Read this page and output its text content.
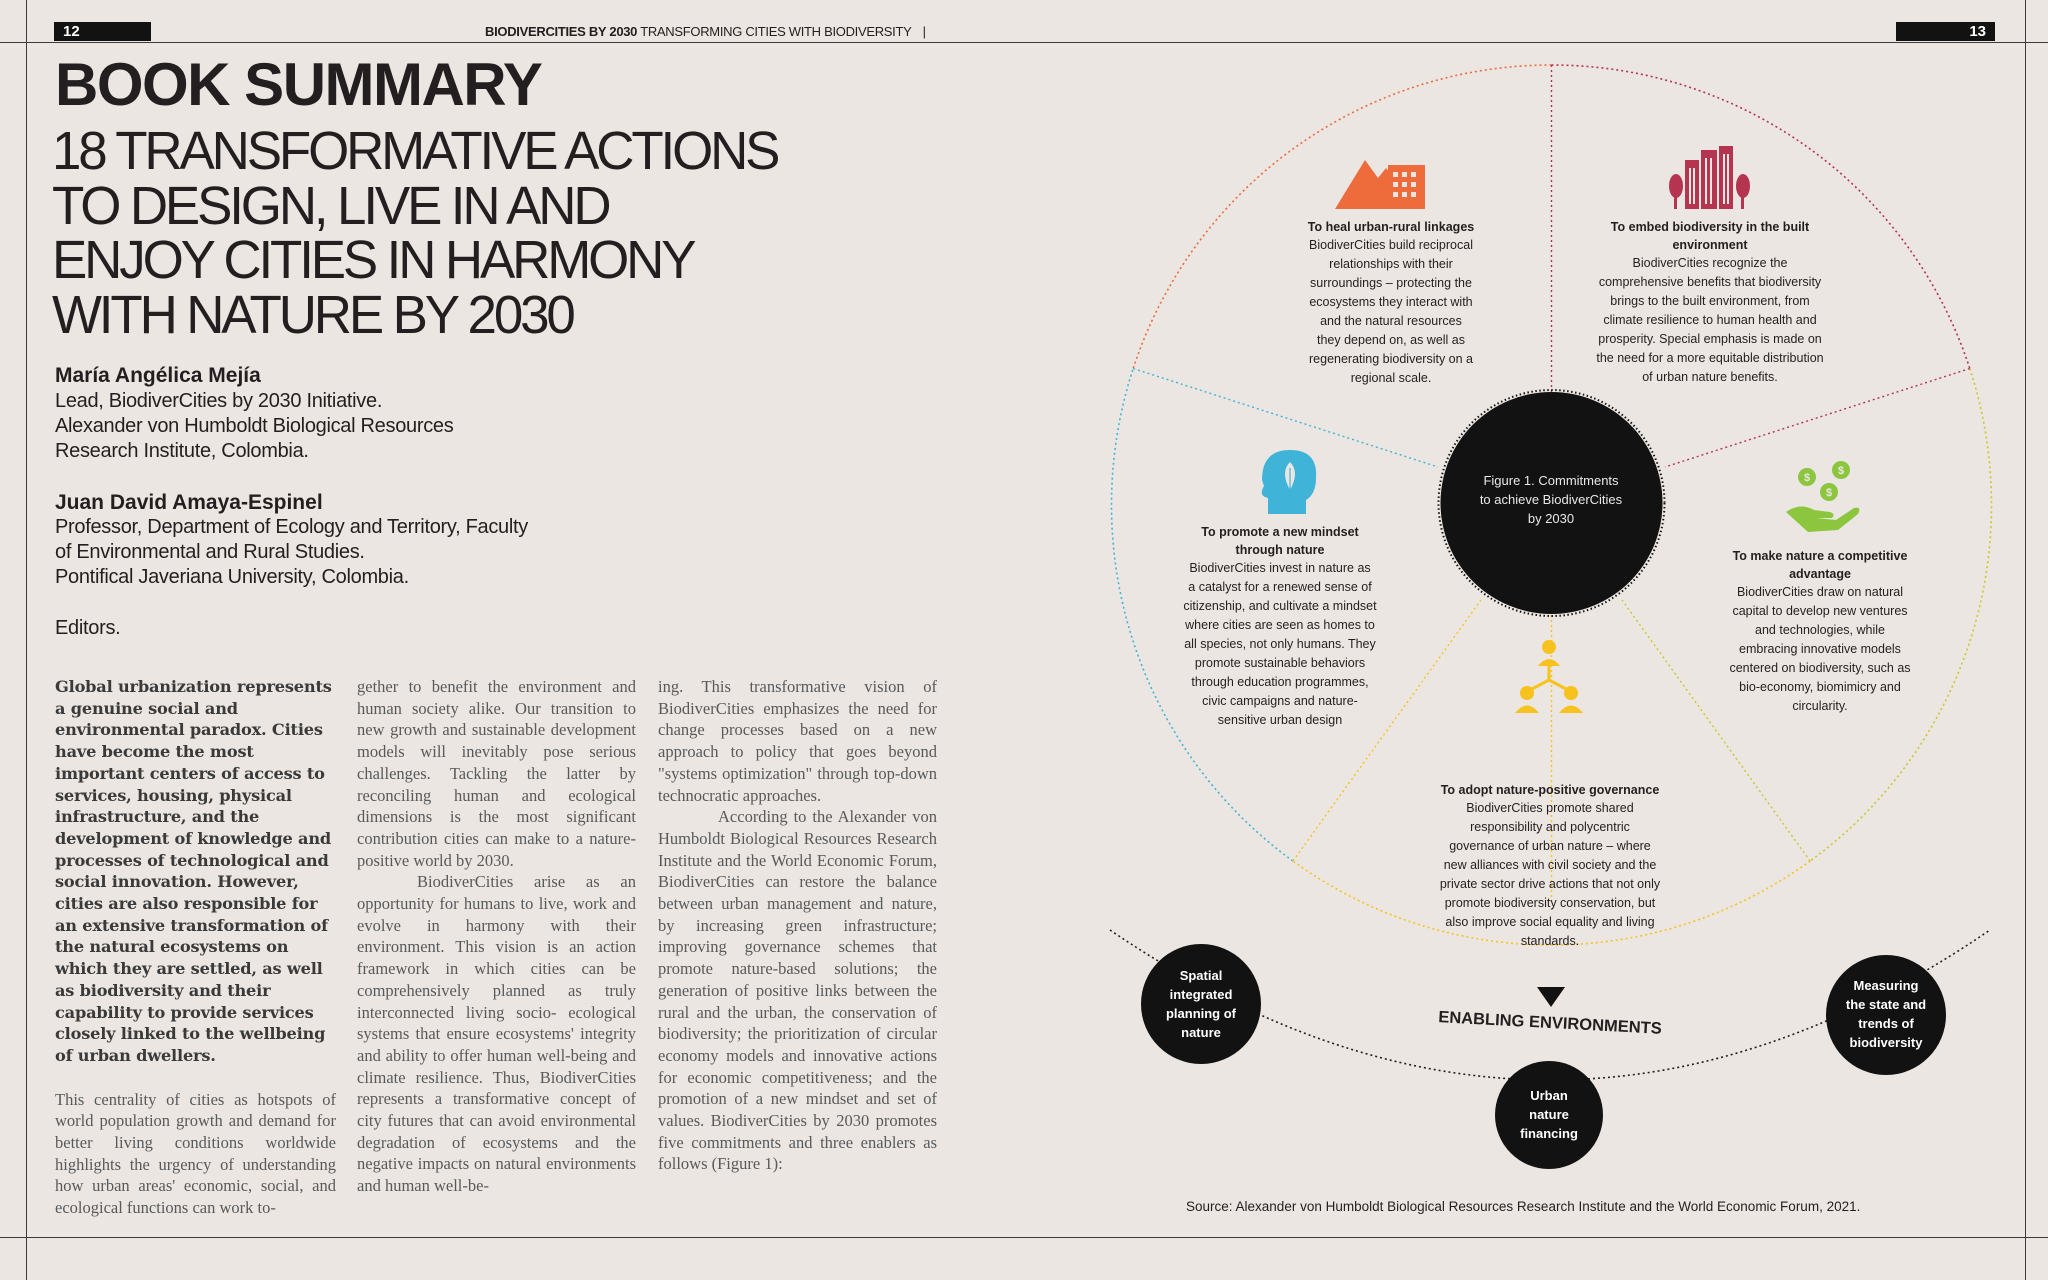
12	13
BIODIVERCITIES BY 2030 TRANSFORMING CITIES WITH BIODIVERSITY |
BOOK SUMMARY
18 TRANSFORMATIVE ACTIONS
TO DESIGN, LIVE IN AND
ENJOY CITIES IN HARMONY
WITH NATURE BY 2030
María Angélica Mejía
Lead, BiodiverCities by 2030 Initiative.
Alexander von Humboldt Biological Resources
Research Institute, Colombia.
Juan David Amaya-Espinel
Professor, Department of Ecology and Territory, Faculty
of Environmental and Rural Studies.
Pontifical Javeriana University, Colombia.
Editors.

Global urbanization represents a genuine social and environmental paradox. Cities have become the most important centers of access to services, housing, physical infrastructure, and the development of knowledge and processes of technological and social innovation. However, cities are also responsible for an extensive transformation of the natural ecosystems on which they are settled, as well as biodiversity and their capability to provide services closely linked to the wellbeing of urban dwellers.

This centrality of cities as hotspots of world population growth and demand for better living conditions worldwide highlights the urgency of understanding how urban areas' economic, social, and ecological functions can work to-

gether to benefit the environment and human society alike. Our transition to new growth and sustainable development models will inevitably pose serious challenges. Tackling the latter by reconciling human and ecological dimensions is the most significant contribution cities can make to a nature-positive world by 2030.

BiodiverCities arise as an opportunity for humans to live, work and evolve in harmony with their environment. This vision is an action framework in which cities can be comprehensively planned as truly interconnected living socio- ecological systems that ensure ecosystems' integrity and ability to offer human well-being and climate resilience. Thus, BiodiverCities represents a transformative concept of city futures that can avoid environmental degradation of ecosystems and the negative impacts on natural environments and human well-be-

ing. This transformative vision of BiodiverCities emphasizes the need for change processes based on a new approach to policy that goes beyond "systems optimization" through top-down technocratic approaches.

According to the Alexander von Humboldt Biological Resources Research Institute and the World Economic Forum, BiodiverCities can restore the balance between urban management and nature, by increasing green infrastructure; improving governance schemes that promote nature-based solutions; the generation of positive links between the rural and the urban, the conservation of biodiversity; the prioritization of circular economy models and innovative actions for economic competitiveness; and the promotion of a new mindset and set of values. BiodiverCities by 2030 promotes five commitments and three enablers as follows (Figure 1):

$
$
$
Figure 1. Commitments
to achieve BiodiverCities
by 2030
To heal urban-rural linkages
BiodiverCities build reciprocal
relationships with their
surroundings – protecting the
ecosystems they interact with
and the natural resources
they depend on, as well as
regenerating biodiversity on a
regional scale.
To embed biodiversity in the built
environment
BiodiverCities recognize the
comprehensive benefits that biodiversity
brings to the built environment, from
climate resilience to human health and
prosperity. Special emphasis is made on
the need for a more equitable distribution
of urban nature benefits.
To promote a new mindset
through nature
BiodiverCities invest in nature as
a catalyst for a renewed sense of
citizenship, and cultivate a mindset
where cities are seen as homes to
all species, not only humans. They
promote sustainable behaviors
through education programmes,
civic campaigns and nature-
sensitive urban design
To make nature a competitive
advantage
BiodiverCities draw on natural
capital to develop new ventures
and technologies, while
embracing innovative models
centered on biodiversity, such as
bio-economy, biomimicry and
circularity.
To adopt nature-positive governance
BiodiverCities promote shared
responsibility and polycentric
governance of urban nature – where
new alliances with civil society and the
private sector drive actions that not only
promote biodiversity conservation, but
also improve social equality and living
standards.
ENABLING ENVIRONMENTS
Spatial
integrated
planning of
nature
Urban
nature
financing
Measuring
the state and
trends of
biodiversity
Source: Alexander von Humboldt Biological Resources Research Institute and the World Economic Forum, 2021.
